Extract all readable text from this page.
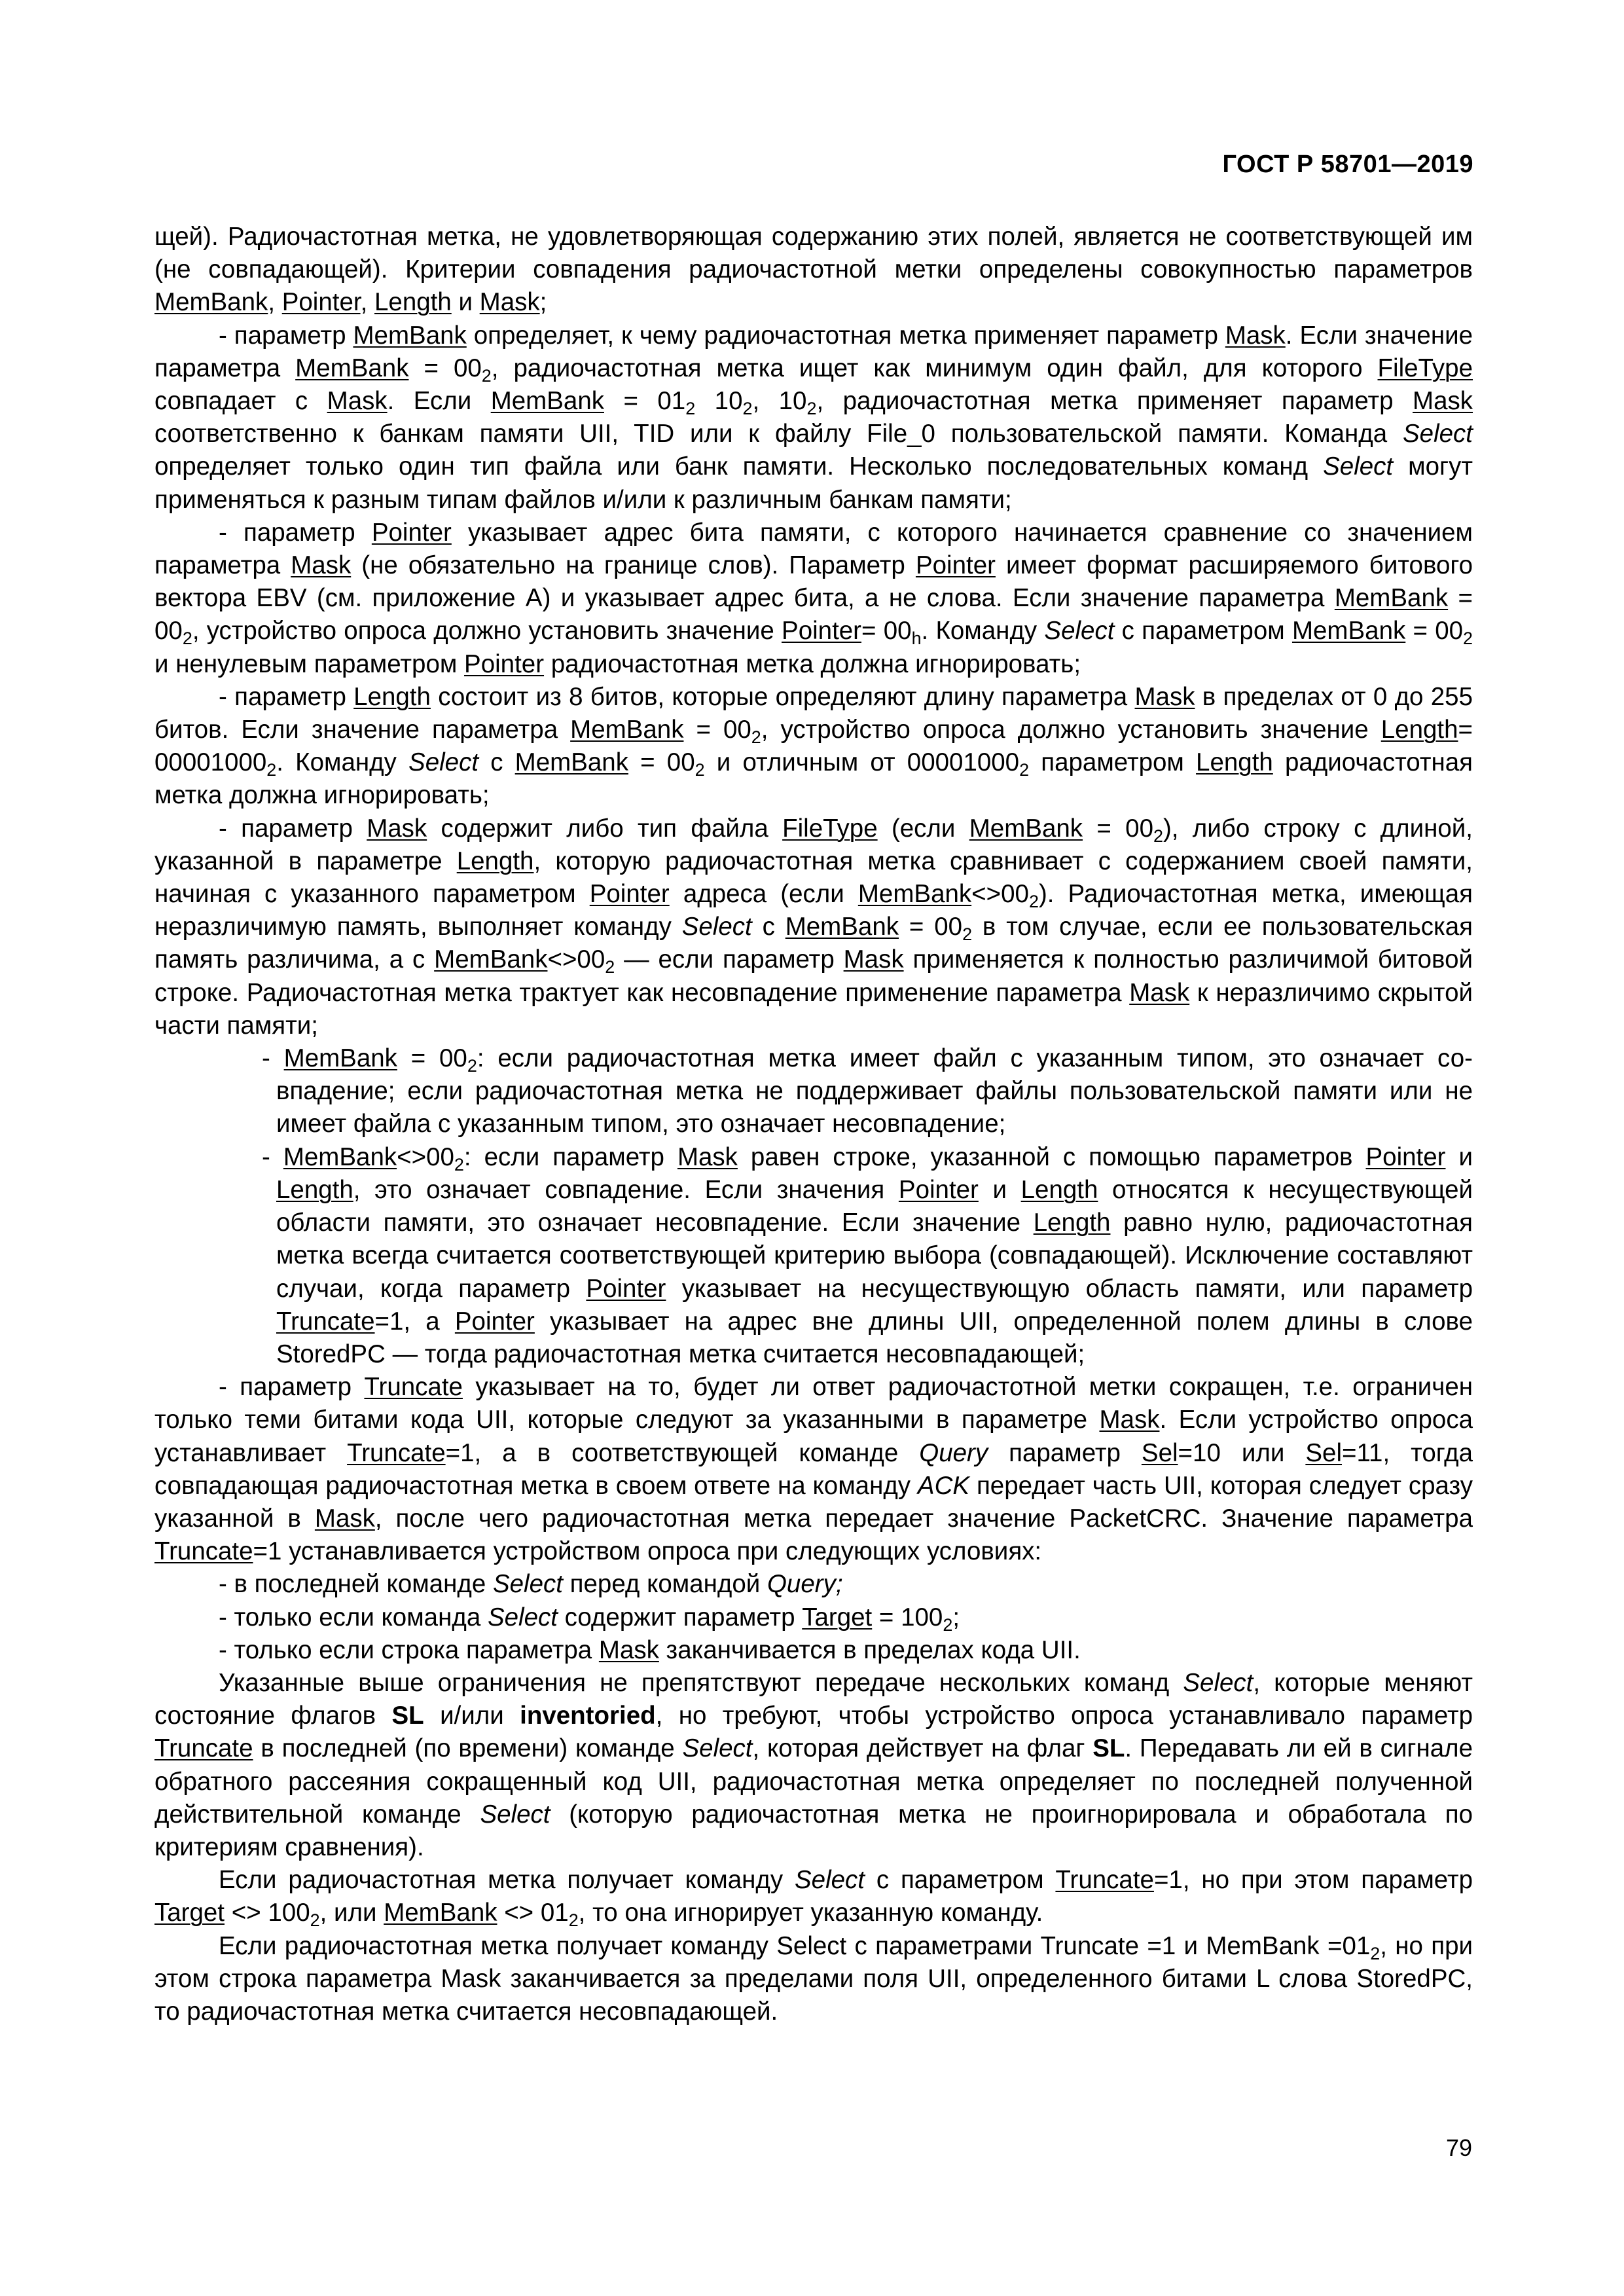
ГОСТ Р 58701—2019

щей). Радиочастотная метка, не удовлетворяющая содержанию этих полей, является не соответствующей им (не совпадающей). Критерии совпадения радиочастотной метки определены совокупностью параметров MemBank, Pointer, Length и Mask;

- параметр MemBank определяет, к чему радиочастотная метка применяет параметр Mask. Если значение параметра MemBank = $00_2$, радиочастотная метка ищет как минимум один файл, для которого FileType совпадает с Mask. Если MemBank = $01_2$ $10_2$, $10_2$, радиочастотная метка применяет параметр Mask соответственно к банкам памяти UII, TID или к файлу File_0 пользовательской памяти. Команда Select определяет только один тип файла или банк памяти. Несколько последовательных команд Select могут применяться к разным типам файлов и/или к различным банкам памяти;

- параметр Pointer указывает адрес бита памяти, с которого начинается сравнение со значением параметра Mask (не обязательно на границе слов). Параметр Pointer имеет формат расширяемого битового вектора EBV (см. приложение А) и указывает адрес бита, а не слова. Если значение параметра MemBank = $00_2$, устройство опроса должно установить значение Pointer= $00_h$. Команду Select с параметром MemBank = $00_2$ и ненулевым параметром Pointer радиочастотная метка должна игнорировать;

- параметр Length состоит из 8 битов, которые определяют длину параметра Mask в пределах от 0 до 255 битов. Если значение параметра MemBank = $00_2$, устройство опроса должно установить значение Length= $00001000_2$. Команду Select с MemBank = $00_2$ и отличным от $00001000_2$ параметром Length радиочастотная метка должна игнорировать;

- параметр Mask содержит либо тип файла FileType (если MemBank = $00_2$), либо строку с длиной, указанной в параметре Length, которую радиочастотная метка сравнивает с содержанием своей памяти, начиная с указанного параметром Pointer адреса (если $MemBank<>00_2$). Радиочастотная метка, имеющая неразличимую память, выполняет команду Select с MemBank = $00_2$ в том случае, если ее пользовательская память различима, а с $MemBank<>00_2$ — если параметр Mask применяется к полностью различимой битовой строке. Радиочастотная метка трактует как несовпадение применение параметра Mask к неразличимо скрытой части памяти;

- MemBank = $00_2$: если радиочастотная метка имеет файл с указанным типом, это означает совпадение; если радиочастотная метка не поддерживает файлы пользовательской памяти или не имеет файла с указанным типом, это означает несовпадение;

- $MemBank<>00_2$: если параметр Mask равен строке, указанной с помощью параметров Pointer и Length, это означает совпадение. Если значения Pointer и Length относятся к несуществующей области памяти, это означает несовпадение. Если значение Length равно нулю, радиочастотная метка всегда считается соответствующей критерию выбора (совпадающей). Исключение составляют случаи, когда параметр Pointer указывает на несуществующую область памяти, или параметр Truncate=1, а Pointer указывает на адрес вне длины UII, определенной полем длины в слове StoredPC — тогда радиочастотная метка считается несовпадающей;

- параметр Truncate указывает на то, будет ли ответ радиочастотной метки сокращен, т.е. ограничен только теми битами кода UII, которые следуют за указанными в параметре Mask. Если устройство опроса устанавливает Truncate=1, а в соответствующей команде Query параметр Sel=10 или Sel=11, тогда совпадающая радиочастотная метка в своем ответе на команду ACK передает часть UII, которая следует сразу указанной в Mask, после чего радиочастотная метка передает значение PacketCRC. Значение параметра Truncate=1 устанавливается устройством опроса при следующих условиях:

- в последней команде Select перед командой Query;

- только если команда Select содержит параметр Target = $100_2$;

- только если строка параметра Mask заканчивается в пределах кода UII.

Указанные выше ограничения не препятствуют передаче нескольких команд Select, которые меняют состояние флагов SL и/или inventoried, но требуют, чтобы устройство опроса устанавливало параметр Truncate в последней (по времени) команде Select, которая действует на флаг SL. Передавать ли ей в сигнале обратного рассеяния сокращенный код UII, радиочастотная метка определяет по последней полученной действительной команде Select (которую радиочастотная метка не проигнорировала и обработала по критериям сравнения).

Если радиочастотная метка получает команду Select с параметром Truncate=1, но при этом параметр Target <> $100_2$, или MemBank <> $01_2$, то она игнорирует указанную команду.

Если радиочастотная метка получает команду Select с параметрами Truncate =1 и MemBank $=01_2$, но при этом строка параметра Mask заканчивается за пределами поля UII, определенного битами L слова StoredPC, то радиочастотная метка считается несовпадающей.

79
